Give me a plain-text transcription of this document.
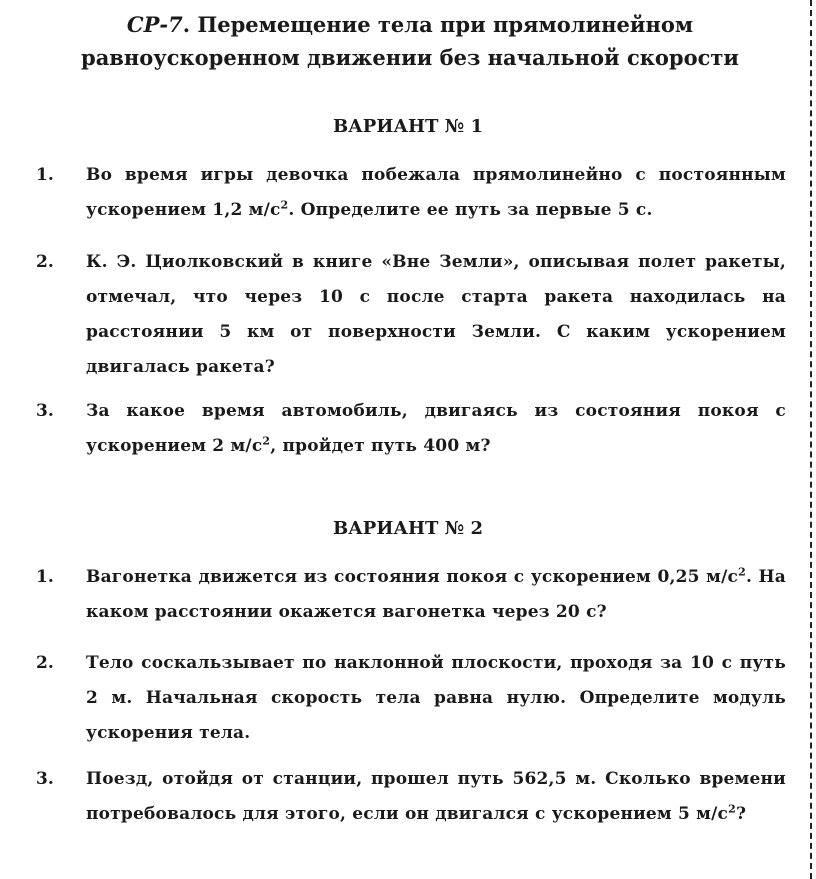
СР-7. Перемещение тела при прямолинейном
равноускоренном движении без начальной скорости
ВАРИАНТ № 1
1. Во время игры девочка побежала прямолинейно с постоянным ускорением 1,2 $м/с^2$. Определите ее путь за первые 5 с.
2. К. Э. Циолковский в книге «Вне Земли», описывая полет ракеты, отмечал, что через 10 с после старта ракета находилась на расстоянии 5 км от поверхности Земли. С каким ускорением двигалась ракета?
3. За какое время автомобиль, двигаясь из состояния покоя с ускорением 2 $м/с^2$, пройдет путь 400 м?
ВАРИАНТ № 2
1. Вагонетка движется из состояния покоя с ускорением 0,25 $м/с^2$. На каком расстоянии окажется вагонетка через 20 с?
2. Тело соскальзывает по наклонной плоскости, проходя за 10 с путь 2 м. Начальная скорость тела равна нулю. Определите модуль ускорения тела.
3. Поезд, отойдя от станции, прошел путь 562,5 м. Сколько времени потребовалось для этого, если он двигался с ускорением 5 $м/с^2$?
